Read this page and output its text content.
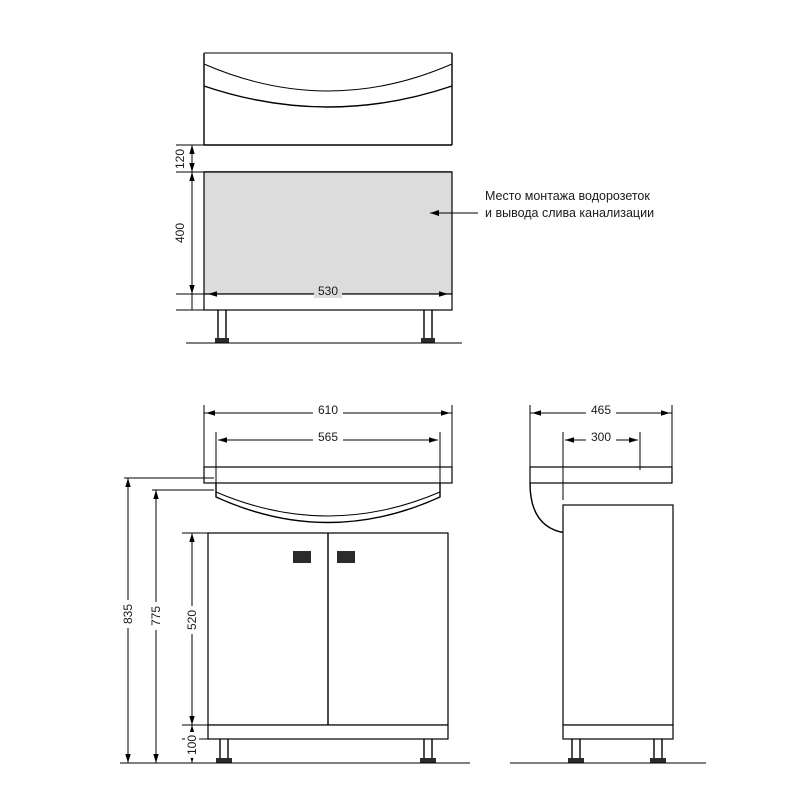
120
400
530
Место монтажа водорозеток
и вывода слива канализации
610
565
835 775 520
100
465
300
